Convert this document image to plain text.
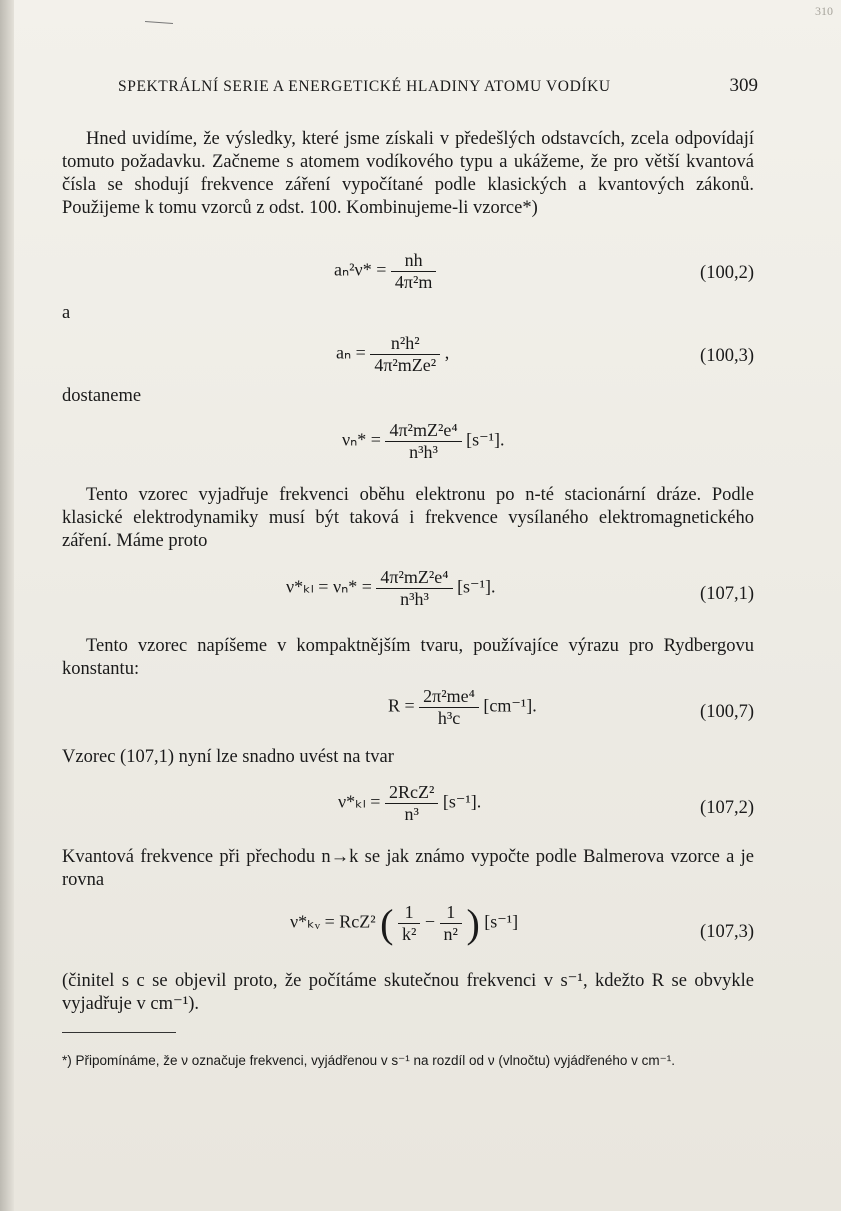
310
SPEKTRÁLNÍ SERIE A ENERGETICKÉ HLADINY ATOMU VODÍKU	309
Hned uvidíme, že výsledky, které jsme získali v předešlých odstavcích, zcela odpovídají tomuto požadavku. Začneme s atomem vodíkového typu a ukážeme, že pro větší kvantová čísla se shodují frekvence záření vypočítané podle klasických a kvantových zákonů. Použijeme k tomu vzorců z odst. 100. Kombinujeme-li vzorce*)
$a_n^2\nu* = \frac{nh}{\text{4π²m}}$	(100,2)
a
$a_n = \frac{\text{n²h²}}{\text{4π²mZe²}}$ ,	(100,3)
dostaneme
$\nu_n* = \frac{\text{4π²mZ²e⁴}}{\text{n³h³}} [s^{-1}]$.
Tento vzorec vyjadřuje frekvenci oběhu elektronu po n-té stacionární dráze. Podle klasické elektrodynamiky musí být taková i frekvence vysílaného elektromagnetického záření. Máme proto
$\nu*_{kl} = \nu_n* = \frac{\text{4π²mZ²e⁴}}{\text{n³h³}} [s^{-1}]$.	(107,1)
Tento vzorec napíšeme v kompaktnějším tvaru, používajíce výrazu pro Rydbergovu konstantu:
$R = \frac{\text{2π²me⁴}}{\text{h³c}} [cm^{-1}]$.	(100,7)
Vzorec (107,1) nyní lze snadno uvést na tvar
$\nu*_{kl} = \frac{\text{2RcZ²}}{\text{n³}} [s^{-1}]$.	(107,2)
Kvantová frekvence při přechodu n→k se jak známo vypočte podle Balmerova vzorce a je rovna
ν*ₖᵥ = RcZ² ( $\frac{1}{\text{k²}} - \frac{1}{\text{n²}}$ ) [s⁻¹]
(107,3)
(činitel s c se objevil proto, že počítáme skutečnou frekvenci v s⁻¹, kdežto R se obvykle vyjadřuje v cm⁻¹).
*) Připomínáme, že ν označuje frekvenci, vyjádřenou v s⁻¹ na rozdíl od ν (vlnočtu) vyjádřeného v cm⁻¹.
